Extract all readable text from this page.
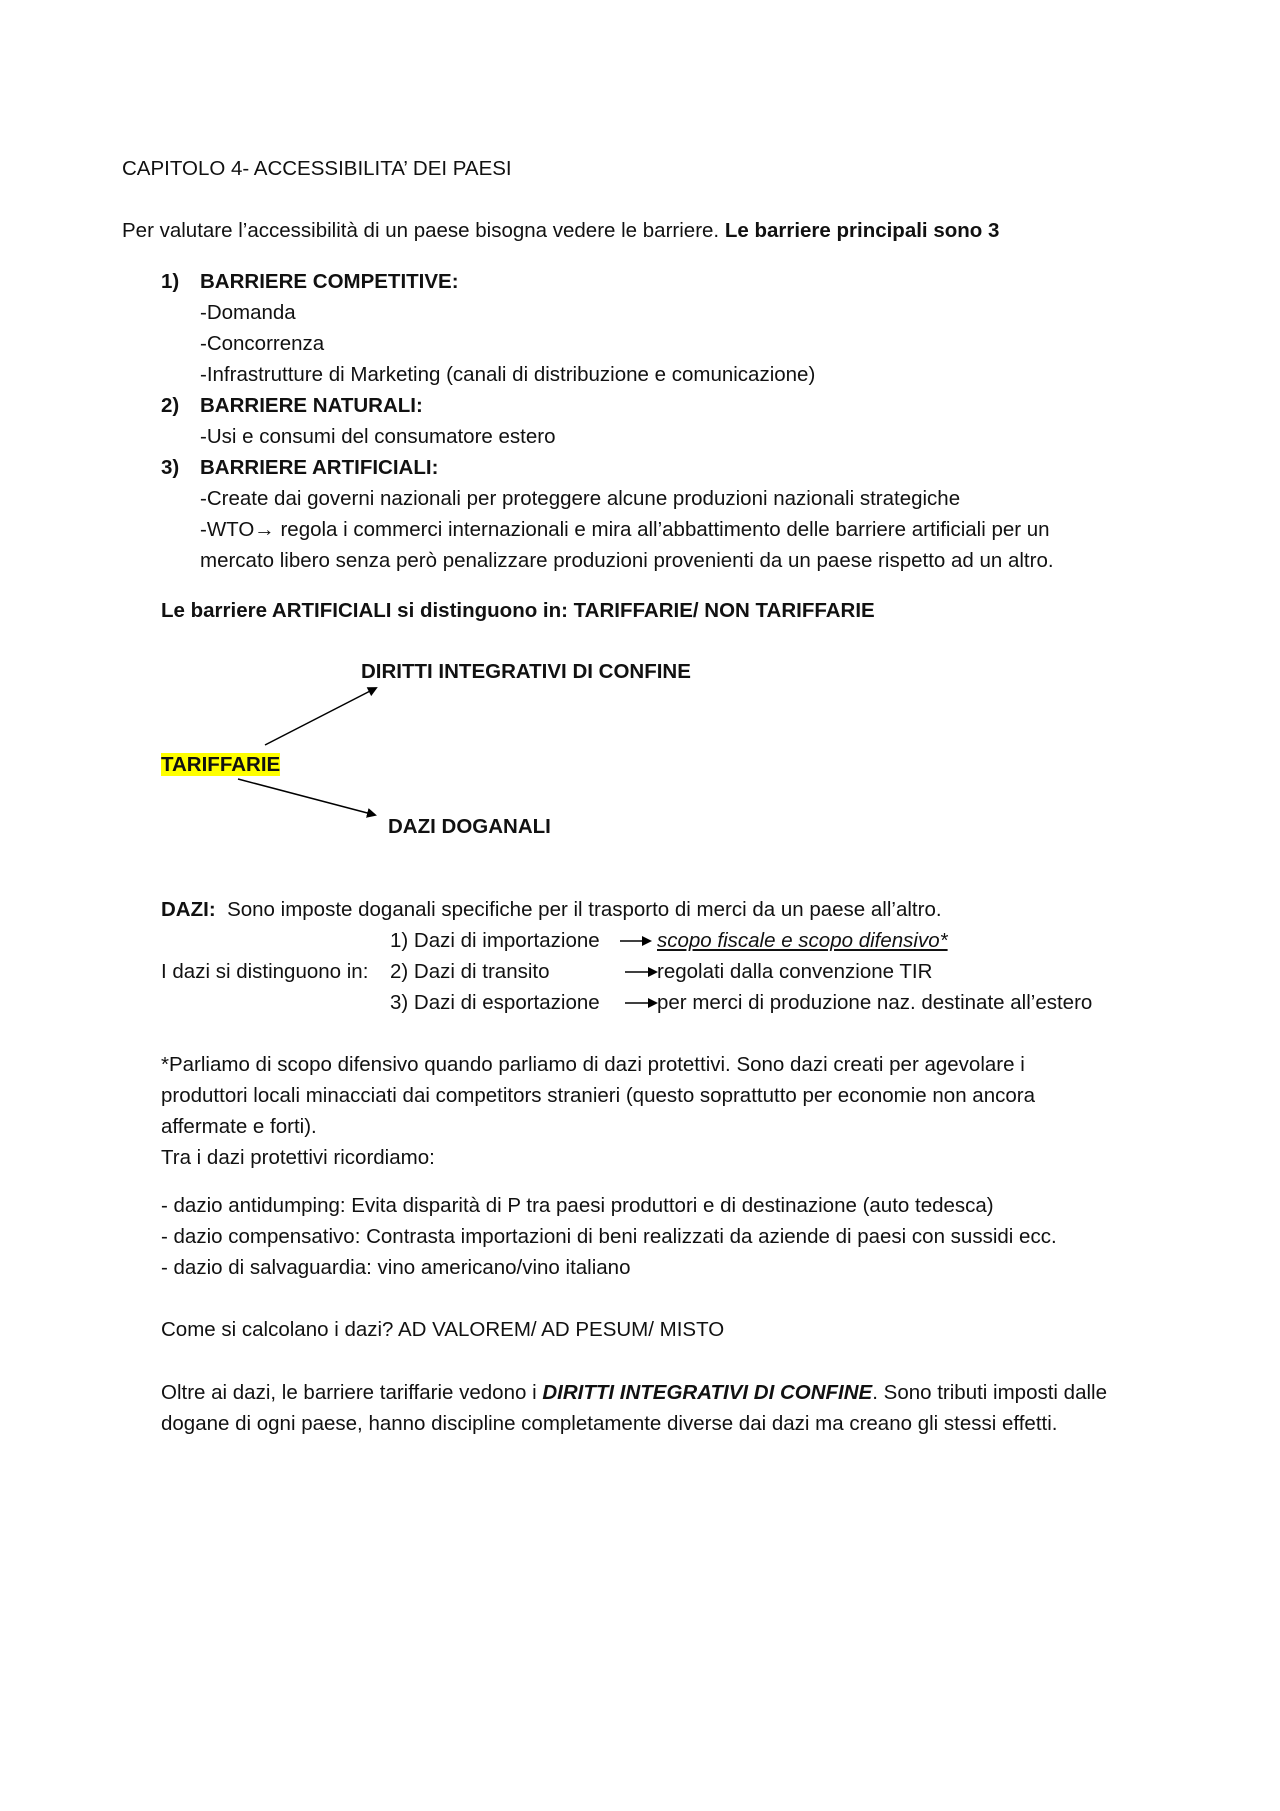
CAPITOLO 4- ACCESSIBILITA’ DEI PAESI
Per valutare l’accessibilità di un paese bisogna vedere le barriere. Le barriere principali sono 3
1) BARRIERE COMPETITIVE:
-Domanda
-Concorrenza
-Infrastrutture di Marketing (canali di distribuzione e comunicazione)
2) BARRIERE NATURALI:
-Usi e consumi del consumatore estero
3) BARRIERE ARTIFICIALI:
-Create dai governi nazionali per proteggere alcune produzioni nazionali strategiche
-WTO→ regola i commerci internazionali e mira all’abbattimento delle barriere artificiali per un
mercato libero senza però penalizzare produzioni provenienti da un paese rispetto ad un altro.
Le barriere ARTIFICIALI si distinguono in: TARIFFARIE/ NON TARIFFARIE
DIRITTI INTEGRATIVI DI CONFINE
TARIFFARIE
DAZI DOGANALI
DAZI: Sono imposte doganali specifiche per il trasporto di merci da un paese all’altro.
I dazi si distinguono in:
1) Dazi di importazione
2) Dazi di transito
3) Dazi di esportazione
scopo fiscale e scopo difensivo*
regolati dalla convenzione TIR
per merci di produzione naz. destinate all’estero
*Parliamo di scopo difensivo quando parliamo di dazi protettivi. Sono dazi creati per agevolare i
produttori locali minacciati dai competitors stranieri (questo soprattutto per economie non ancora
affermate e forti).
Tra i dazi protettivi ricordiamo:
- dazio antidumping: Evita disparità di P tra paesi produttori e di destinazione (auto tedesca)
- dazio compensativo: Contrasta importazioni di beni realizzati da aziende di paesi con sussidi ecc.
- dazio di salvaguardia: vino americano/vino italiano
Come si calcolano i dazi? AD VALOREM/ AD PESUM/ MISTO
Oltre ai dazi, le barriere tariffarie vedono i DIRITTI INTEGRATIVI DI CONFINE. Sono tributi imposti dalle
dogane di ogni paese, hanno discipline completamente diverse dai dazi ma creano gli stessi effetti.
